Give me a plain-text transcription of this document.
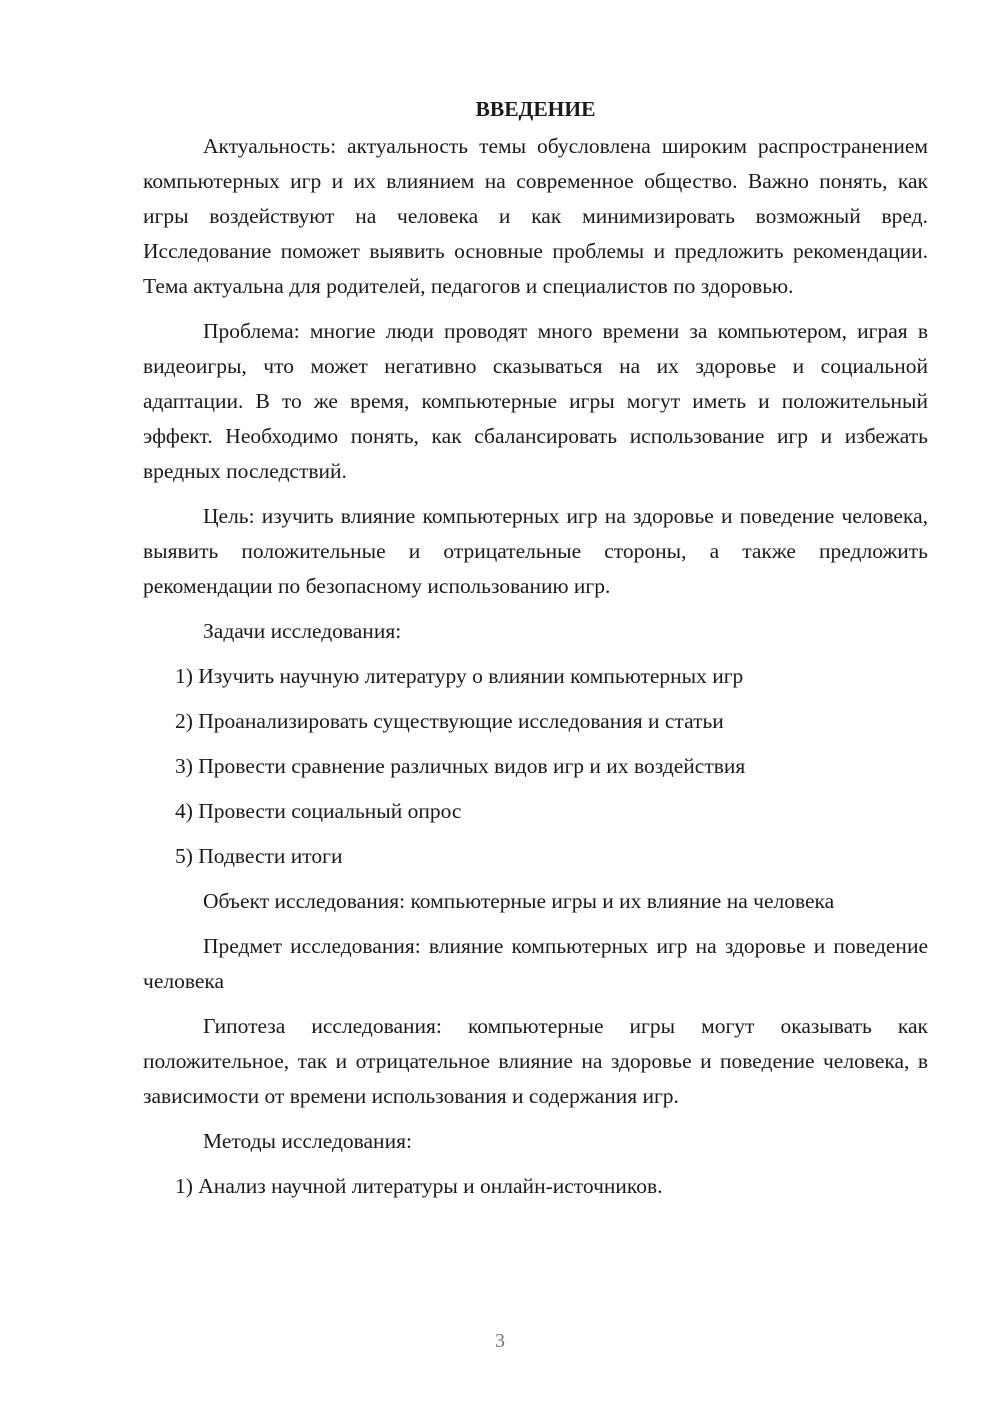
ВВЕДЕНИЕ

Актуальность: актуальность темы обусловлена широким распространением компьютерных игр и их влиянием на современное общество. Важно понять, как игры воздействуют на человека и как минимизировать возможный вред. Исследование поможет выявить основные проблемы и предложить рекомендации. Тема актуальна для родителей, педагогов и специалистов по здоровью.

Проблема: многие люди проводят много времени за компьютером, играя в видеоигры, что может негативно сказываться на их здоровье и социальной адаптации. В то же время, компьютерные игры могут иметь и положительный эффект. Необходимо понять, как сбалансировать использование игр и избежать вредных последствий.

Цель: изучить влияние компьютерных игр на здоровье и поведение человека, выявить положительные и отрицательные стороны, а также предложить рекомендации по безопасному использованию игр.

Задачи исследования:

1) Изучить научную литературу о влиянии компьютерных игр
2) Проанализировать существующие исследования и статьи
3) Провести сравнение различных видов игр и их воздействия
4) Провести социальный опрос
5) Подвести итоги

Объект исследования: компьютерные игры и их влияние на человека

Предмет исследования: влияние компьютерных игр на здоровье и поведение человека

Гипотеза исследования: компьютерные игры могут оказывать как положительное, так и отрицательное влияние на здоровье и поведение человека, в зависимости от времени использования и содержания игр.

Методы исследования:

1) Анализ научной литературы и онлайн-источников.
3
